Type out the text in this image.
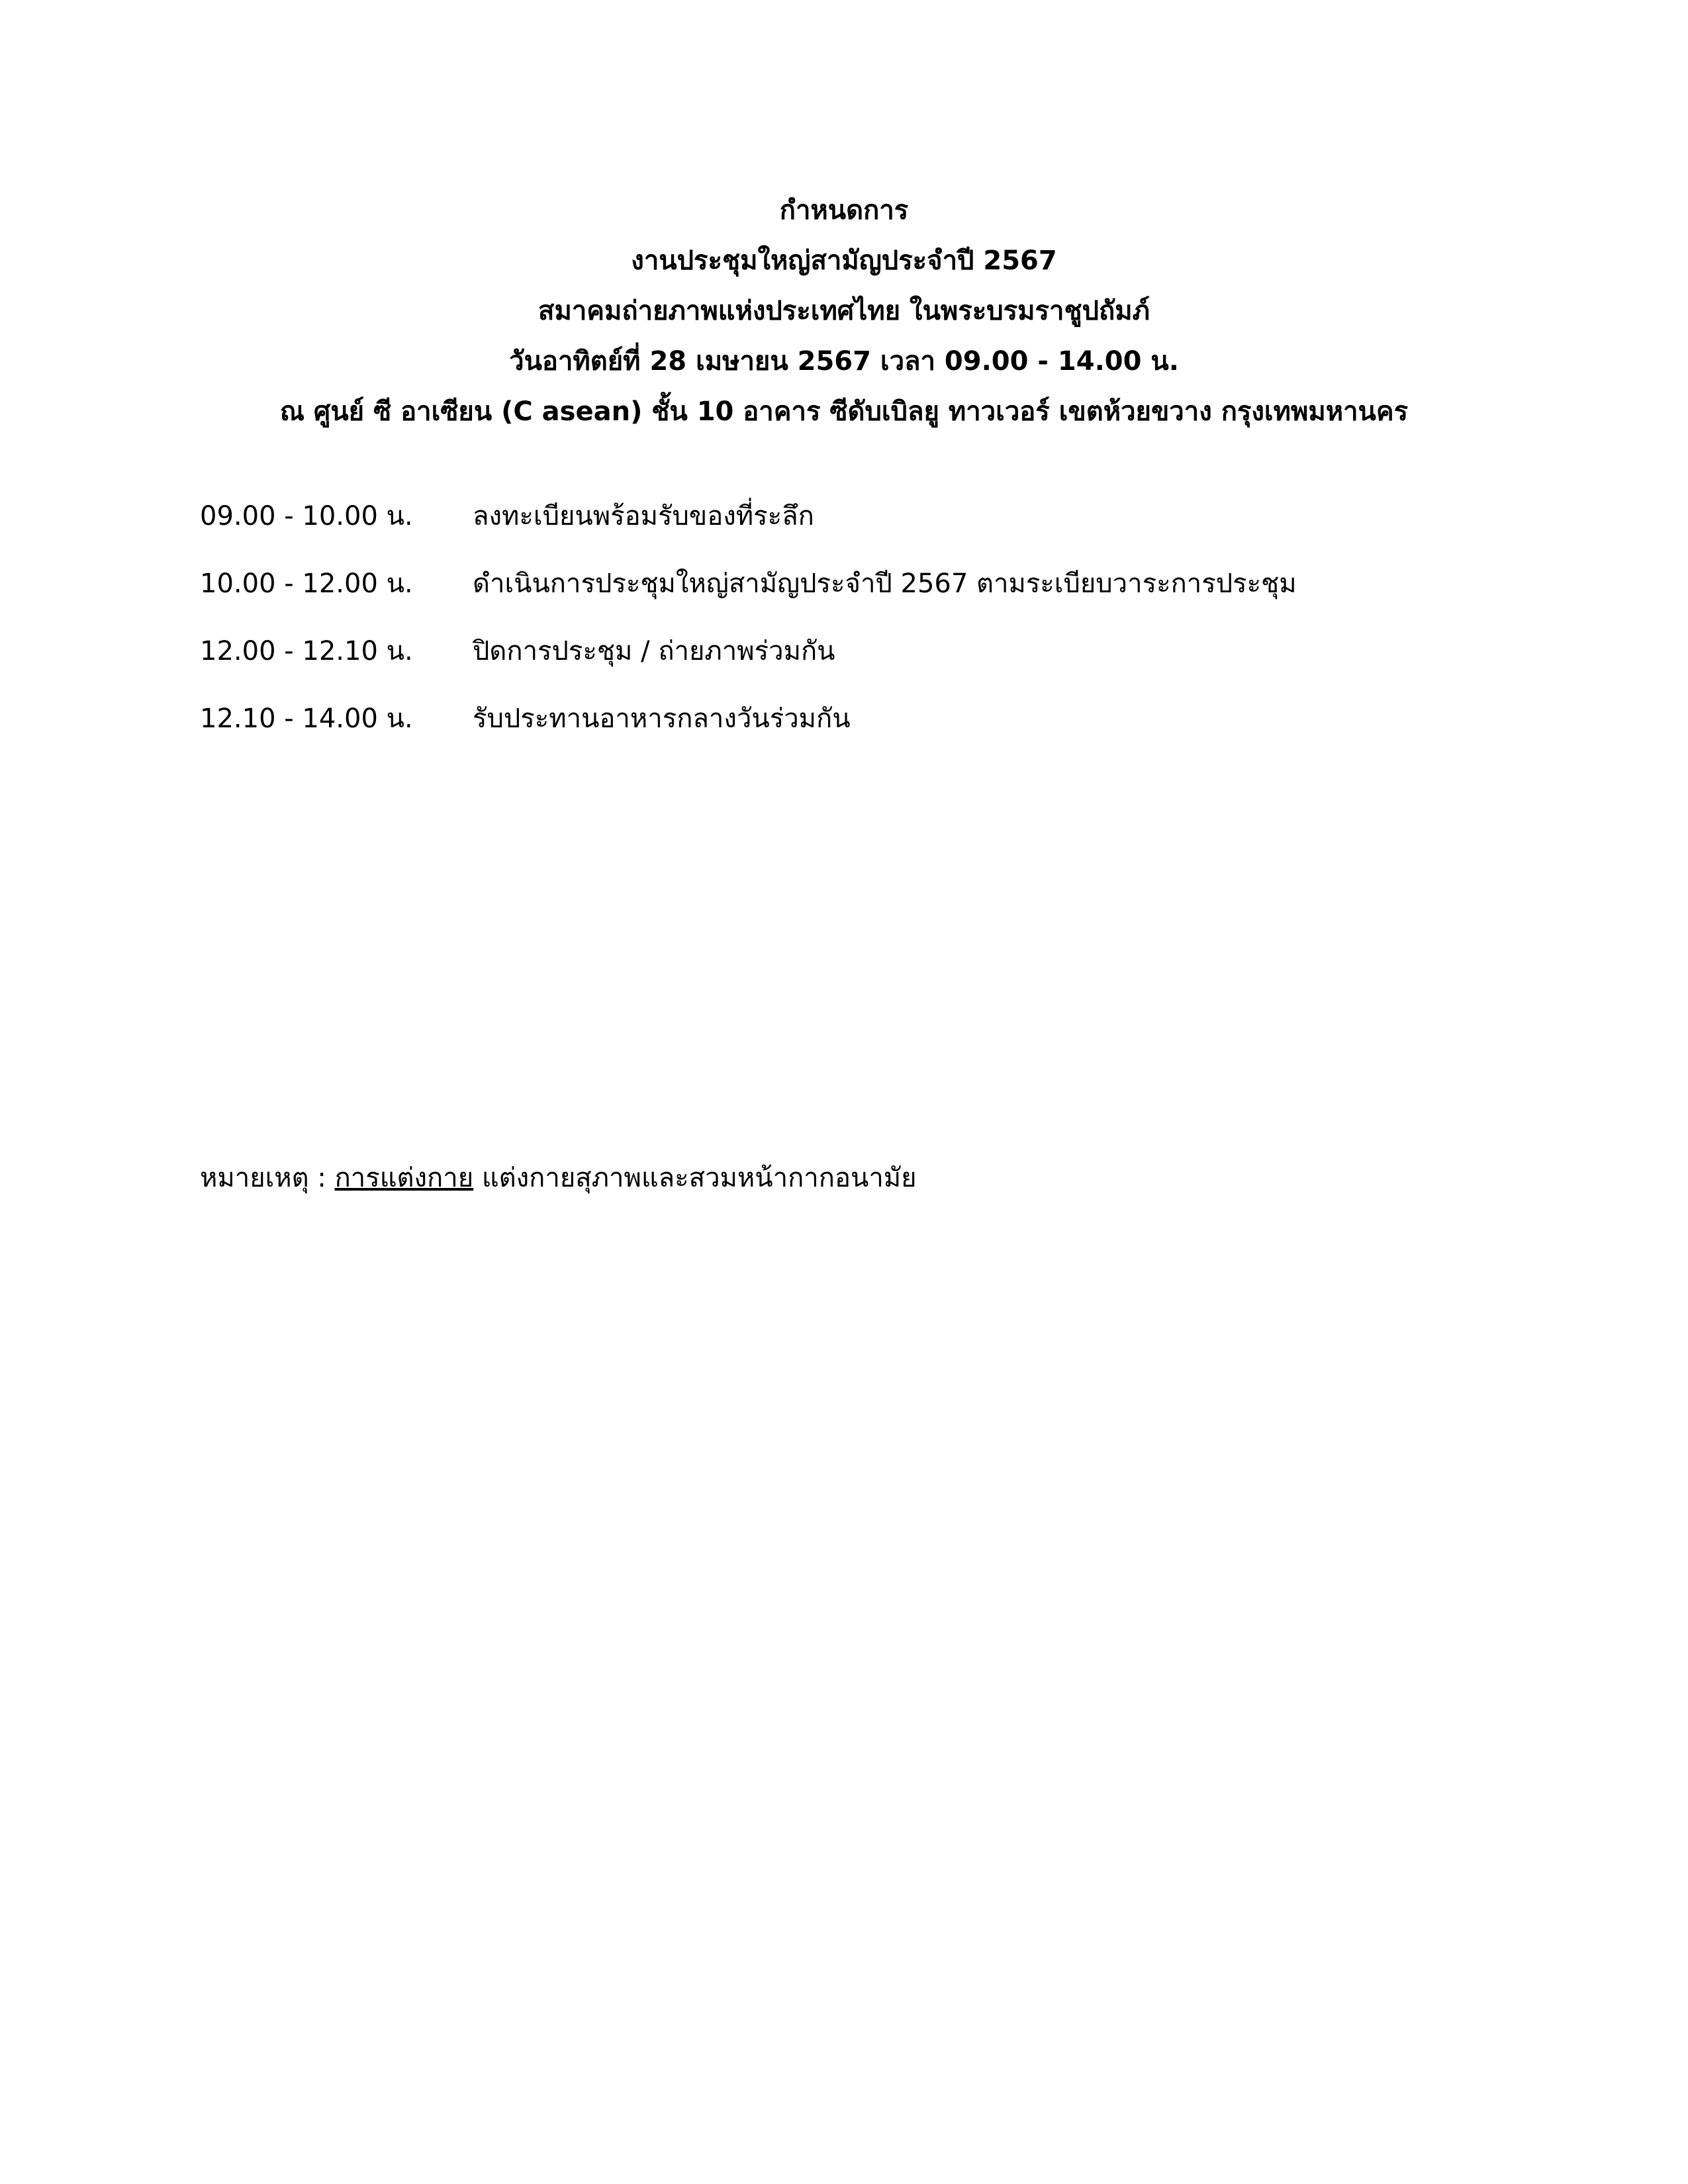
กำหนดการ
งานประชุมใหญ่สามัญประจำปี 2567
สมาคมถ่ายภาพแห่งประเทศไทย ในพระบรมราชูปถัมภ์
วันอาทิตย์ที่ 28 เมษายน 2567 เวลา 09.00 - 14.00 น.
ณ ศูนย์ ซี อาเซียน (C asean) ชั้น 10 อาคาร ซีดับเบิลยู ทาวเวอร์ เขตห้วยขวาง กรุงเทพมหานคร
09.00 - 10.00 น.	ลงทะเบียนพร้อมรับของที่ระลึก
10.00 - 12.00 น.	ดำเนินการประชุมใหญ่สามัญประจำปี 2567 ตามระเบียบวาระการประชุม
12.00 - 12.10 น.	ปิดการประชุม / ถ่ายภาพร่วมกัน
12.10 - 14.00 น.	รับประทานอาหารกลางวันร่วมกัน
หมายเหตุ : การแต่งกาย แต่งกายสุภาพและสวมหน้ากากอนามัย
